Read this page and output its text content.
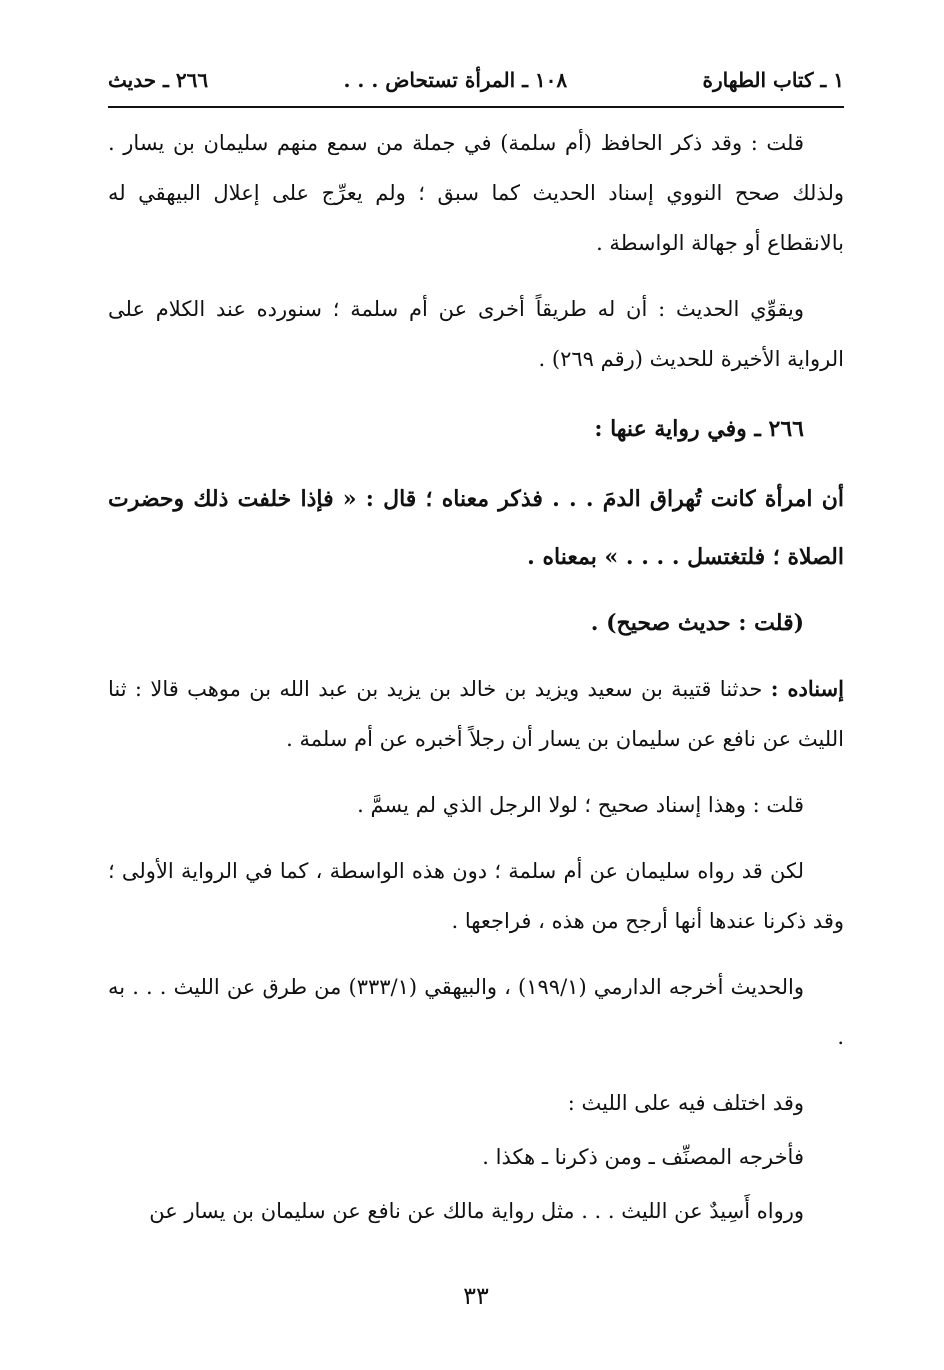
١ ـ كتاب الطهارة
١٠٨ ـ المرأة تستحاض . . .
٢٦٦ ـ حديث

قلت : وقد ذكر الحافظ (أم سلمة) في جملة من سمع منهم سليمان بن يسار . ولذلك صحح النووي إسناد الحديث كما سبق ؛ ولم يعرِّج على إعلال البيهقي له بالانقطاع أو جهالة الواسطة .

ويقوِّي الحديث : أن له طريقاً أخرى عن أم سلمة ؛ سنورده عند الكلام على الرواية الأخيرة للحديث (رقم ٢٦٩) .

٢٦٦ ـ وفي رواية عنها :

أن امرأة كانت تُهراق الدمَ . . . فذكر معناه ؛ قال : « فإذا خلفت ذلك وحضرت الصلاة ؛ فلتغتسل . . . . » بمعناه .

(قلت : حديث صحيح) .

إسناده : حدثنا قتيبة بن سعيد ويزيد بن خالد بن يزيد بن عبد الله بن موهب قالا : ثنا الليث عن نافع عن سليمان بن يسار أن رجلاً أخبره عن أم سلمة .

قلت : وهذا إسناد صحيح ؛ لولا الرجل الذي لم يسمَّ .

لكن قد رواه سليمان عن أم سلمة ؛ دون هذه الواسطة ، كما في الرواية الأولى ؛ وقد ذكرنا عندها أنها أرجح من هذه ، فراجعها .

والحديث أخرجه الدارمي (١٩٩/١) ، والبيهقي (٣٣٣/١) من طرق عن الليث . . . به .

وقد اختلف فيه على الليث :

فأخرجه المصنِّف ـ ومن ذكرنا ـ هكذا .

ورواه أَسِيدٌ عن الليث . . . مثل رواية مالك عن نافع عن سليمان بن يسار عن

٣٣
